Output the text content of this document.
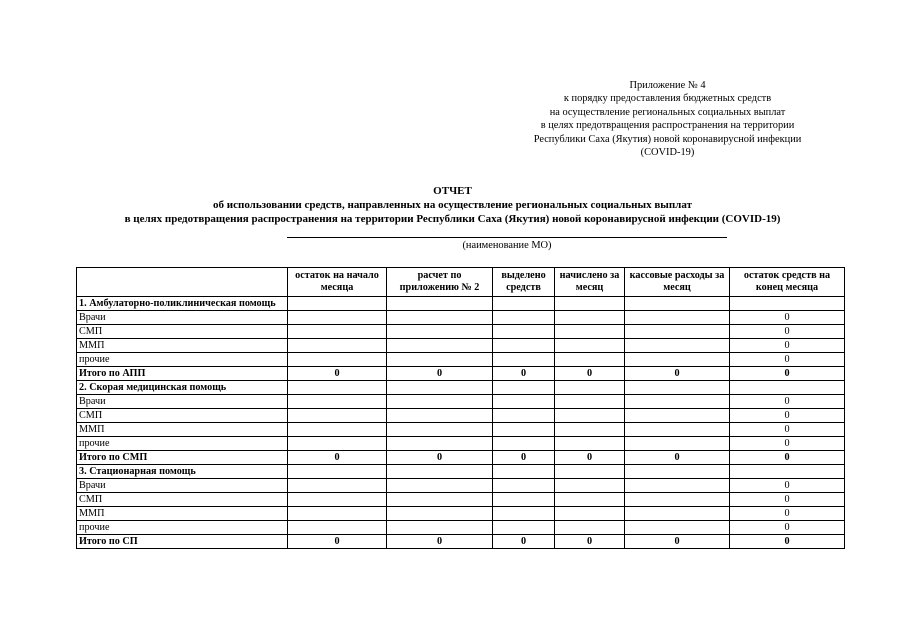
Приложение № 4
к порядку предоставления бюджетных средств
на осуществление региональных социальных выплат
в целях предотвращения распространения на территории
Республики Саха (Якутия) новой коронавирусной инфекции
(COVID-19)
ОТЧЕТ
об использовании средств, направленных на осуществление региональных социальных выплат
в целях предотвращения распространения на территории Республики Саха (Якутия) новой коронавирусной инфекции (COVID-19)
(наименование МО)
	остаток на начало месяца	расчет по приложению № 2	выделено средств	начислено за месяц	кассовые расходы за месяц	остаток средств на конец месяца
1. Амбулаторно-поликлиническая помощь						
Врачи						0
СМП						0
ММП						0
прочие						0
Итого по АПП	0	0	0	0	0	0
2. Скорая медицинская помощь						
Врачи						0
СМП						0
ММП						0
прочие						0
Итого по СМП	0	0	0	0	0	0
3. Стационарная помощь						
Врачи						0
СМП						0
ММП						0
прочие						0
Итого по СП	0	0	0	0	0	0
